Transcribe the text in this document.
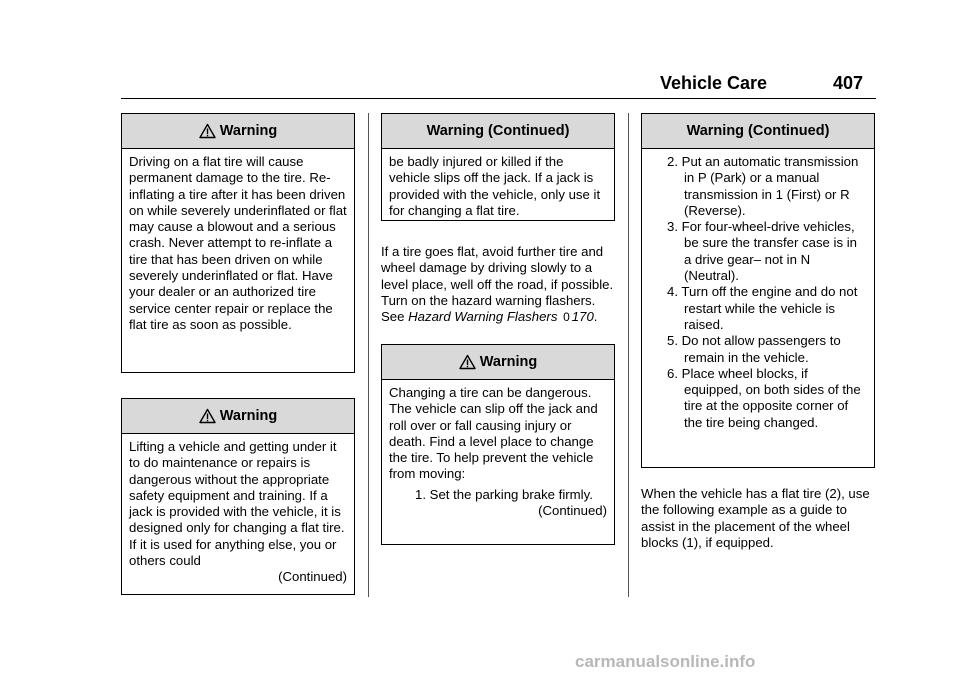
Vehicle Care	407
Warning

Driving on a flat tire will cause permanent damage to the tire. Re-inflating a tire after it has been driven on while severely underinflated or flat may cause a blowout and a serious crash. Never attempt to re-inflate a tire that has been driven on while severely underinflated or flat. Have your dealer or an authorized tire service center repair or replace the flat tire as soon as possible.

Warning

Lifting a vehicle and getting under it to do maintenance or repairs is dangerous without the appropriate safety equipment and training. If a jack is provided with the vehicle, it is designed only for changing a flat tire. If it is used for anything else, you or others could

(Continued)

Warning (Continued)

be badly injured or killed if the vehicle slips off the jack. If a jack is provided with the vehicle, only use it for changing a flat tire.

If a tire goes flat, avoid further tire and wheel damage by driving slowly to a level place, well off the road, if possible. Turn on the hazard warning flashers. See Hazard Warning Flashers 0 170.

Warning

Changing a tire can be dangerous. The vehicle can slip off the jack and roll over or fall causing injury or death. Find a level place to change the tire. To help prevent the vehicle from moving:

1. Set the parking brake firmly.

(Continued)

Warning (Continued)

2. Put an automatic transmission in P (Park) or a manual transmission in 1 (First) or R (Reverse).

3. For four-wheel-drive vehicles, be sure the transfer case is in a drive gear– not in N (Neutral).

4. Turn off the engine and do not restart while the vehicle is raised.

5. Do not allow passengers to remain in the vehicle.

6. Place wheel blocks, if equipped, on both sides of the tire at the opposite corner of the tire being changed.

When the vehicle has a flat tire (2), use the following example as a guide to assist in the placement of the wheel blocks (1), if equipped.

carmanualsonline.info
